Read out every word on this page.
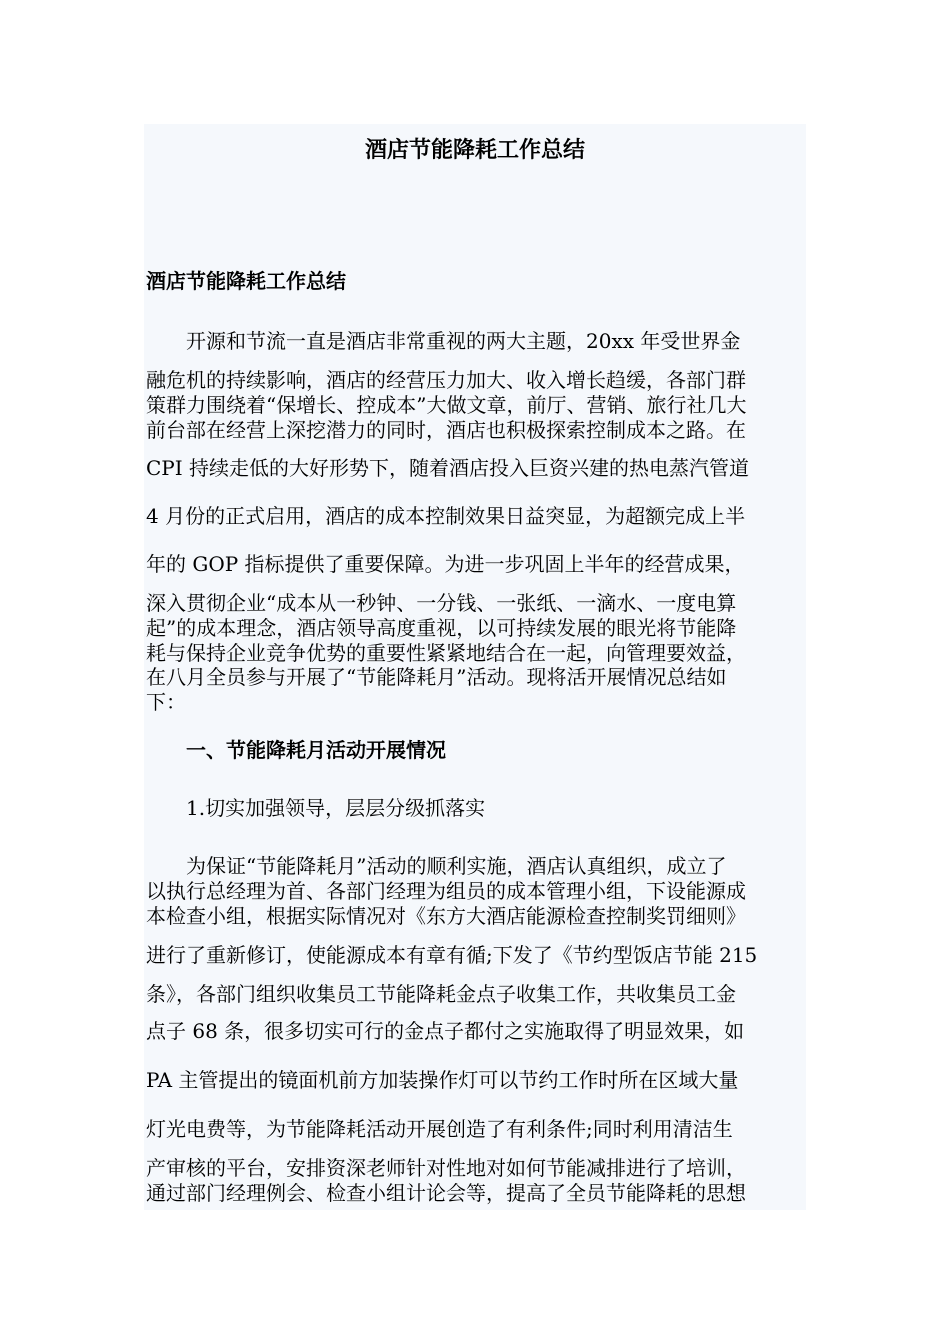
酒店节能降耗工作总结
酒店节能降耗工作总结
　　开源和节流一直是酒店非常重视的两大主题，20xx 年受世界金
融危机的持续影响，酒店的经营压力加大、收入增长趋缓，各部门群
策群力围绕着“保增长、控成本”大做文章，前厅、营销、旅行社几大
前台部在经营上深挖潜力的同时，酒店也积极探索控制成本之路。在
CPI 持续走低的大好形势下，随着酒店投入巨资兴建的热电蒸汽管道
4 月份的正式启用，酒店的成本控制效果日益突显，为超额完成上半
年的 GOP 指标提供了重要保障。为进一步巩固上半年的经营成果，
深入贯彻企业“成本从一秒钟、一分钱、一张纸、一滴水、一度电算
起”的成本理念，酒店领导高度重视，以可持续发展的眼光将节能降
耗与保持企业竞争优势的重要性紧紧地结合在一起，向管理要效益，
在八月全员参与开展了“节能降耗月”活动。现将活开展情况总结如
下：
　　一、节能降耗月活动开展情况
　　1.切实加强领导，层层分级抓落实
　　为保证“节能降耗月”活动的顺利实施，酒店认真组织，成立了
以执行总经理为首、各部门经理为组员的成本管理小组，下设能源成
本检查小组，根据实际情况对《东方大酒店能源检查控制奖罚细则》
进行了重新修订，使能源成本有章有循;下发了《节约型饭店节能 215
条》，各部门组织收集员工节能降耗金点子收集工作，共收集员工金
点子 68 条，很多切实可行的金点子都付之实施取得了明显效果，如
PA 主管提出的镜面机前方加装操作灯可以节约工作时所在区域大量
灯光电费等，为节能降耗活动开展创造了有利条件;同时利用清洁生
产审核的平台，安排资深老师针对性地对如何节能减排进行了培训，
通过部门经理例会、检查小组计论会等，提高了全员节能降耗的思想
